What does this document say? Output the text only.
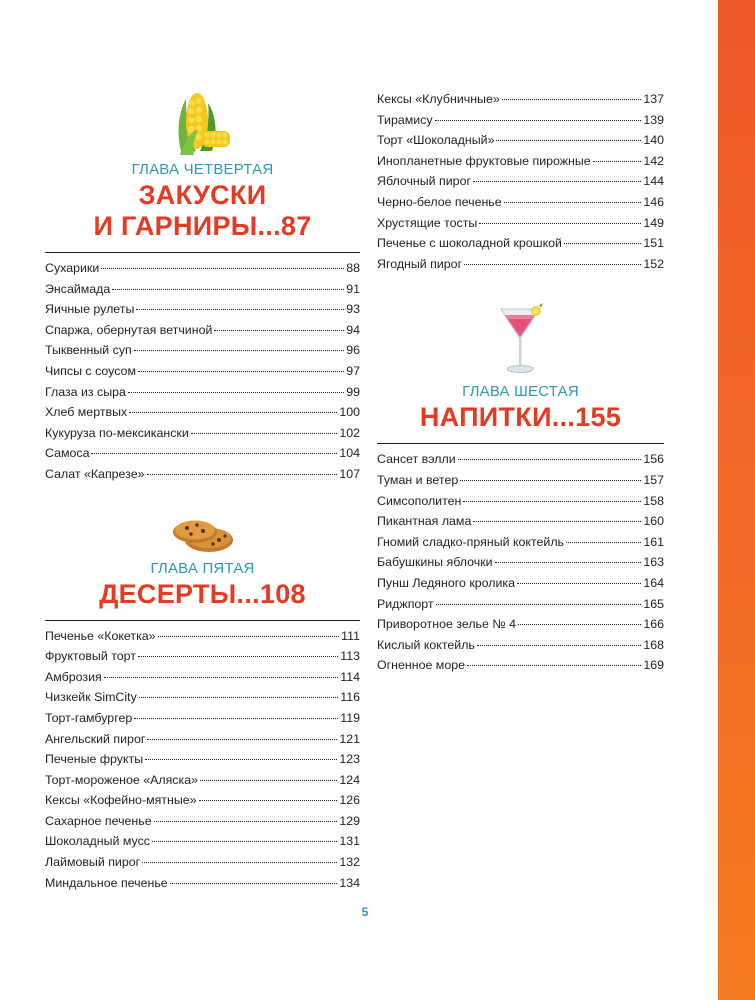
ГЛАВА ЧЕТВЕРТАЯ
ЗАКУСКИ
И ГАРНИРЫ...87
Сухарики	88
Энсаймада	91
Яичные рулеты	93
Спаржа, обернутая ветчиной	94
Тыквенный суп	96
Чипсы с соусом	97
Глаза из сыра	99
Хлеб мертвых	100
Кукуруза по-мексикански	102
Самоса	104
Салат «Капрезе»	107
ГЛАВА ПЯТАЯ
ДЕСЕРТЫ...108
Печенье «Кокетка»	111
Фруктовый торт	113
Амброзия	114
Чизкейк SimCity	116
Торт-гамбургер	119
Ангельский пирог	121
Печеные фрукты	123
Торт-мороженое «Аляска»	124
Кексы «Кофейно-мятные»	126
Сахарное печенье	129
Шоколадный мусс	131
Лаймовый пирог	132
Миндальное печенье	134
Кексы «Клубничные»	137
Тирамису	139
Торт «Шоколадный»	140
Инопланетные фруктовые пирожные	142
Яблочный пирог	144
Черно-белое печенье	146
Хрустящие тосты	149
Печенье с шоколадной крошкой	151
Ягодный пирог	152
ГЛАВА ШЕСТАЯ
НАПИТКИ...155
Сансет вэлли	156
Туман и ветер	157
Симсополитен	158
Пикантная лама	160
Гномий сладко-пряный коктейль	161
Бабушкины яблочки	163
Пунш Ледяного кролика	164
Риджпорт	165
Приворотное зелье № 4	166
Кислый коктейль	168
Огненное море	169
5
